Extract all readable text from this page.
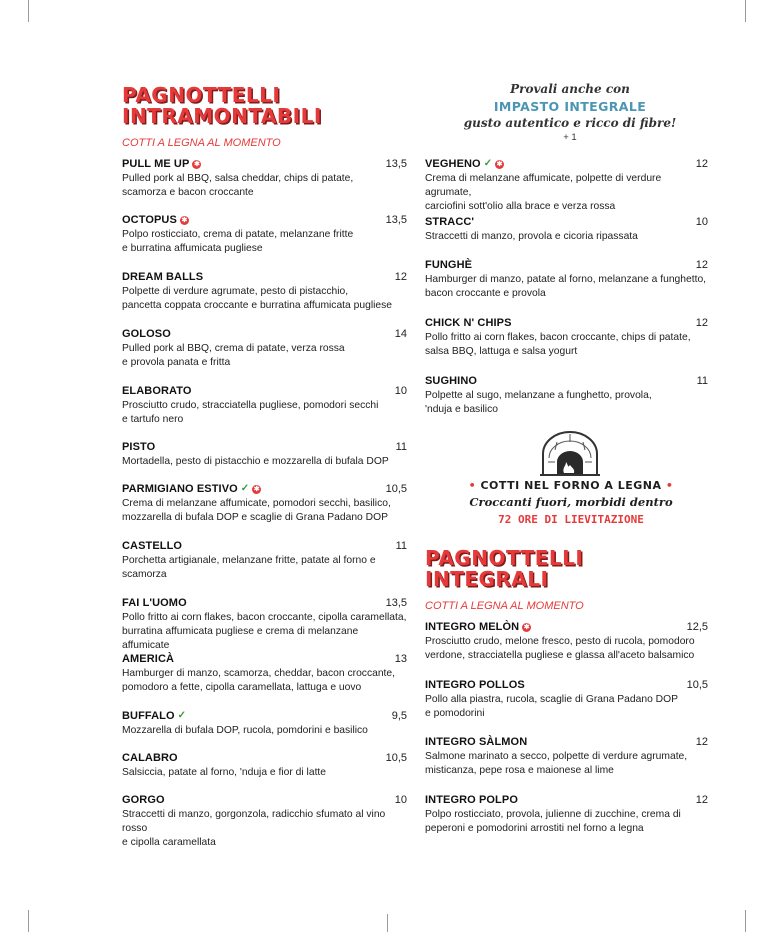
PAGNOTTELLI
INTRAMONTABILI
COTTI A LEGNA AL MOMENTO
PULL ME UP ✱	13,5
Pulled pork al BBQ, salsa cheddar, chips di patate,
scamorza e bacon croccante
OCTOPUS ✱	13,5
Polpo rosticciato, crema di patate, melanzane fritte
e burratina affumicata pugliese
DREAM BALLS	12
Polpette di verdure agrumate, pesto di pistacchio,
pancetta coppata croccante e burratina affumicata pugliese
GOLOSO	14
Pulled pork al BBQ, crema di patate, verza rossa
e provola panata e fritta
ELABORATO	10
Prosciutto crudo, stracciatella pugliese, pomodori secchi
e tartufo nero
PISTO	11
Mortadella, pesto di pistacchio e mozzarella di bufala DOP
PARMIGIANO ESTIVO ✓ ✱	10,5
Crema di melanzane affumicate, pomodori secchi, basilico,
mozzarella di bufala DOP e scaglie di Grana Padano DOP
CASTELLO	11
Porchetta artigianale, melanzane fritte, patate al forno e
scamorza
FAI L'UOMO	13,5
Pollo fritto ai corn flakes, bacon croccante, cipolla caramellata,
burratina affumicata pugliese e crema di melanzane affumicate
AMERICÀ	13
Hamburger di manzo, scamorza, cheddar, bacon croccante,
pomodoro a fette, cipolla caramellata, lattuga e uovo
BUFFALO ✓	9,5
Mozzarella di bufala DOP, rucola, pomdorini e basilico
CALABRO	10,5
Salsiccia, patate al forno, 'nduja e fior di latte
GORGO	10
Straccetti di manzo, gorgonzola, radicchio sfumato al vino rosso
e cipolla caramellata
Provali anche con
IMPASTO INTEGRALE
gusto autentico e ricco di fibre!
+ 1
VEGHENO ✓ ✱	12
Crema di melanzane affumicate, polpette di verdure agrumate,
carciofini sott'olio alla brace e verza rossa
STRACC'	10
Straccetti di manzo, provola e cicoria ripassata
FUNGHÈ	12
Hamburger di manzo, patate al forno, melanzane a funghetto,
bacon croccante e provola
CHICK N' CHIPS	12
Pollo fritto ai corn flakes, bacon croccante, chips di patate,
salsa BBQ, lattuga e salsa yogurt
SUGHINO	11
Polpette al sugo, melanzane a funghetto, provola,
'nduja e basilico
• COTTI NEL FORNO A LEGNA •
Croccanti fuori, morbidi dentro
72 ORE DI LIEVITAZIONE
PAGNOTTELLI
INTEGRALI
COTTI A LEGNA AL MOMENTO
INTEGRO MELÒN ✱	12,5
Prosciutto crudo, melone fresco, pesto di rucola, pomodoro
verdone, stracciatella pugliese e glassa all'aceto balsamico
INTEGRO POLLOS	10,5
Pollo alla piastra, rucola, scaglie di Grana Padano DOP
e pomodorini
INTEGRO SÀLMON	12
Salmone marinato a secco, polpette di verdure agrumate,
misticanza, pepe rosa e maionese al lime
INTEGRO POLPO	12
Polpo rosticciato, provola, julienne di zucchine, crema di
peperoni e pomodorini arrostiti nel forno a legna
